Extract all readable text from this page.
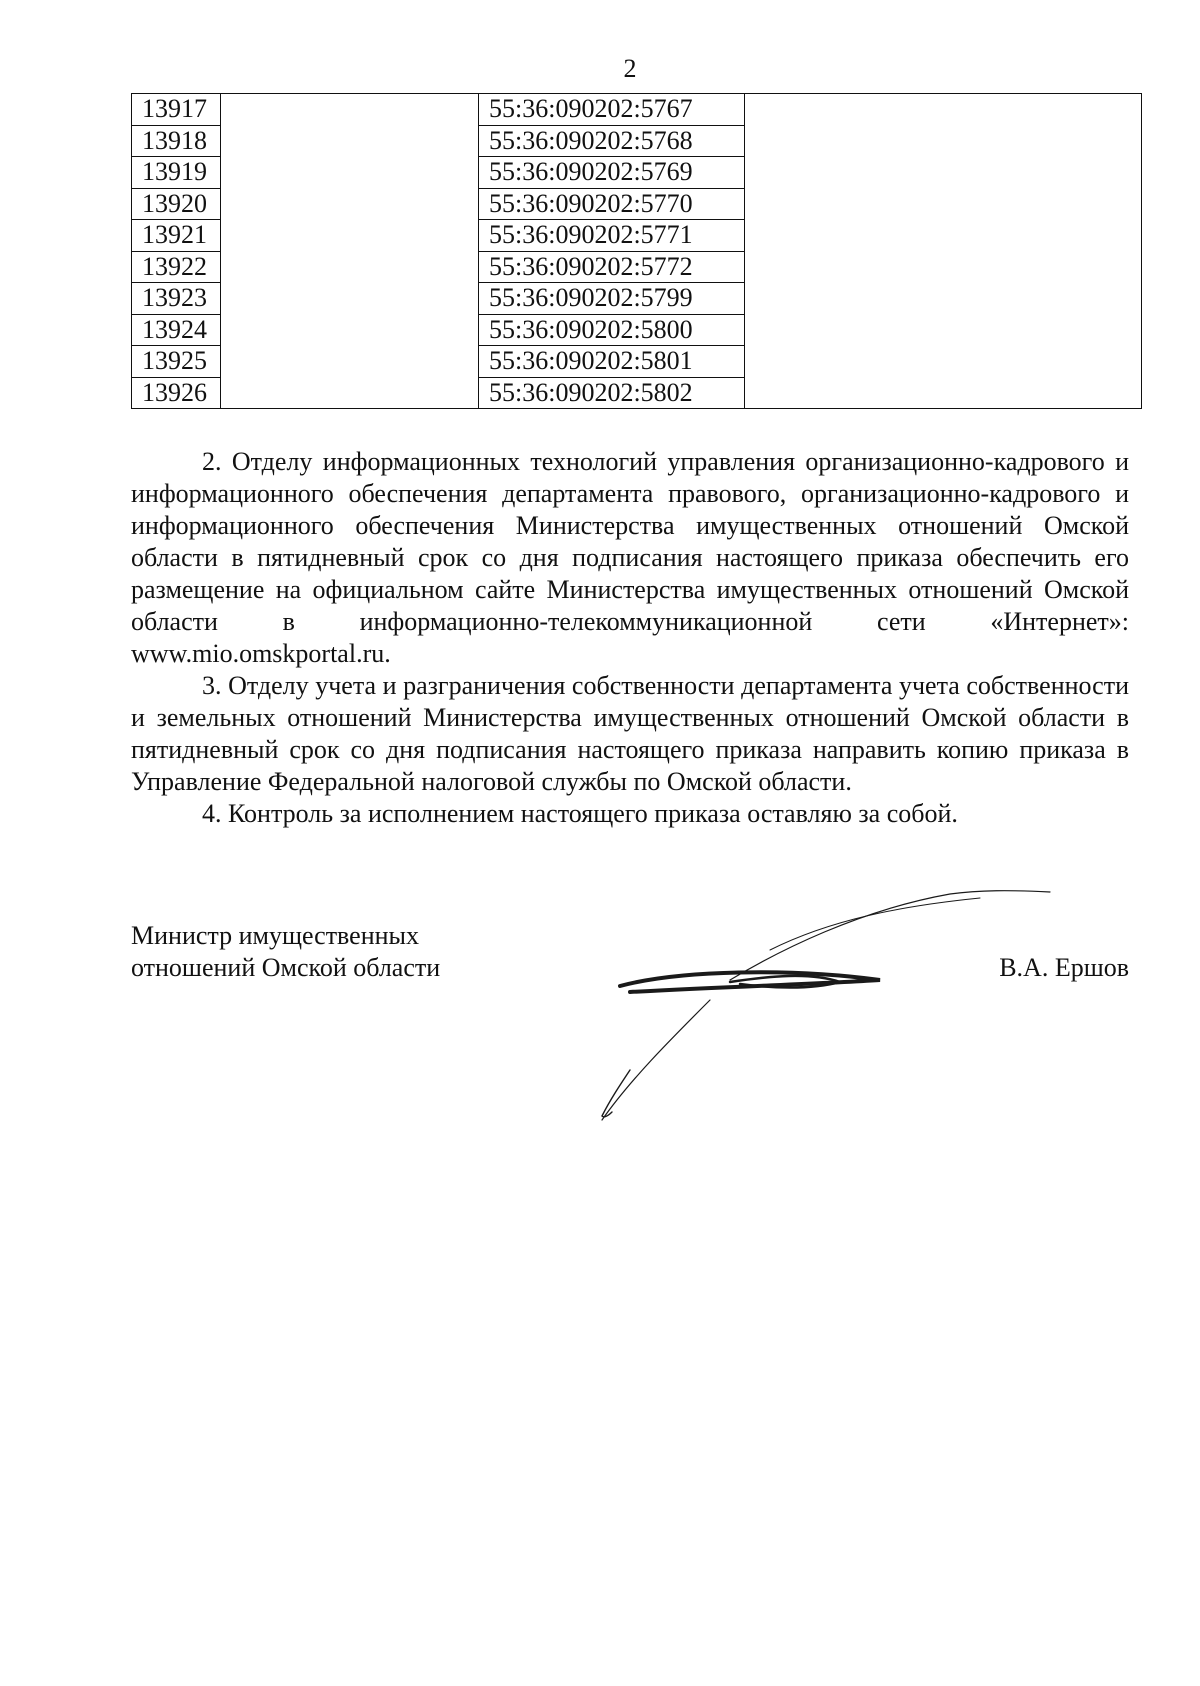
2
13917		55:36:090202:5767	
13918		55:36:090202:5768	
13919		55:36:090202:5769	
13920		55:36:090202:5770	
13921		55:36:090202:5771	
13922		55:36:090202:5772	
13923		55:36:090202:5799	
13924		55:36:090202:5800	
13925		55:36:090202:5801	
13926		55:36:090202:5802	

2. Отделу информационных технологий управления организационно-кадрового и информационного обеспечения департамента правового, организационно-кадрового и информационного обеспечения Министерства имущественных отношений Омской области в пятидневный срок со дня подписания настоящего приказа обеспечить его размещение на официальном сайте Министерства имущественных отношений Омской области в информационно-телекоммуникационной сети «Интернет»: www.mio.omskportal.ru.

3. Отделу учета и разграничения собственности департамента учета собственности и земельных отношений Министерства имущественных отношений Омской области в пятидневный срок со дня подписания настоящего приказа направить копию приказа в Управление Федеральной налоговой службы по Омской области.

4. Контроль за исполнением настоящего приказа оставляю за собой.

Министр имущественных
отношений Омской области	В.А. Ершов
